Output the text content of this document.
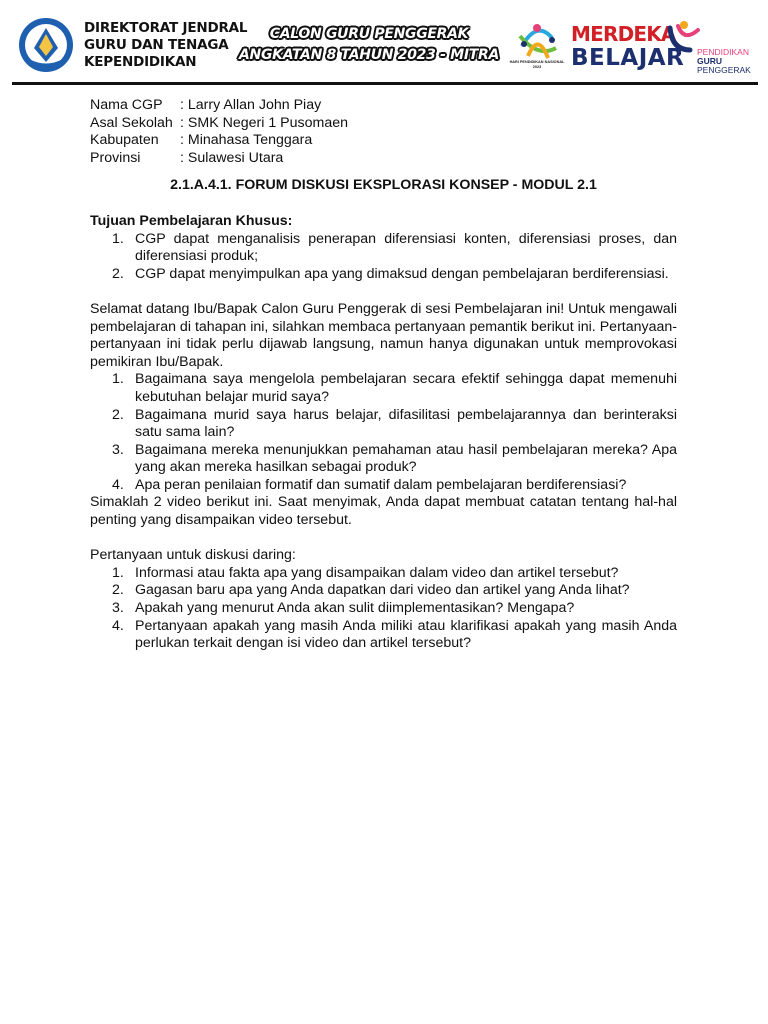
DIREKTORAT JENDRAL
GURU DAN TENAGA
KEPENDIDIKAN
CALON GURU PENGGERAK
ANGKATAN 8 TAHUN 2023 - MITRA	HARI PENDIDIKAN NASIONAL
2023
MERDEKA
BELAJAR PENDIDIKAN
GURU
PENGGERAK
Nama CGP : Larry Allan John Piay
Asal Sekolah : SMK Negeri 1 Pusomaen
Kabupaten : Minahasa Tenggara
Provinsi	: Sulawesi Utara
2.1.A.4.1. FORUM DISKUSI EKSPLORASI KONSEP - MODUL 2.1
Tujuan Pembelajaran Khusus:
1. CGP dapat menganalisis penerapan diferensiasi konten, diferensiasi proses, dan diferensiasi produk;
2. CGP dapat menyimpulkan apa yang dimaksud dengan pembelajaran berdiferensiasi.
Selamat datang Ibu/Bapak Calon Guru Penggerak di sesi Pembelajaran ini! Untuk mengawali pembelajaran di tahapan ini, silahkan membaca pertanyaan pemantik berikut ini. Pertanyaan-pertanyaan ini tidak perlu dijawab langsung, namun hanya digunakan untuk memprovokasi pemikiran Ibu/Bapak.
1. Bagaimana saya mengelola pembelajaran secara efektif sehingga dapat memenuhi kebutuhan belajar murid saya?
2. Bagaimana murid saya harus belajar, difasilitasi pembelajarannya dan berinteraksi satu sama lain?
3. Bagaimana mereka menunjukkan pemahaman atau hasil pembelajaran mereka? Apa yang akan mereka hasilkan sebagai produk?
4. Apa peran penilaian formatif dan sumatif dalam pembelajaran berdiferensiasi?
Simaklah 2 video berikut ini. Saat menyimak, Anda dapat membuat catatan tentang hal-hal penting yang disampaikan video tersebut.
Pertanyaan untuk diskusi daring:
1. Informasi atau fakta apa yang disampaikan dalam video dan artikel tersebut?
2. Gagasan baru apa yang Anda dapatkan dari video dan artikel yang Anda lihat?
3. Apakah yang menurut Anda akan sulit diimplementasikan? Mengapa?
4. Pertanyaan apakah yang masih Anda miliki atau klarifikasi apakah yang masih Anda perlukan terkait dengan isi video dan artikel tersebut?
